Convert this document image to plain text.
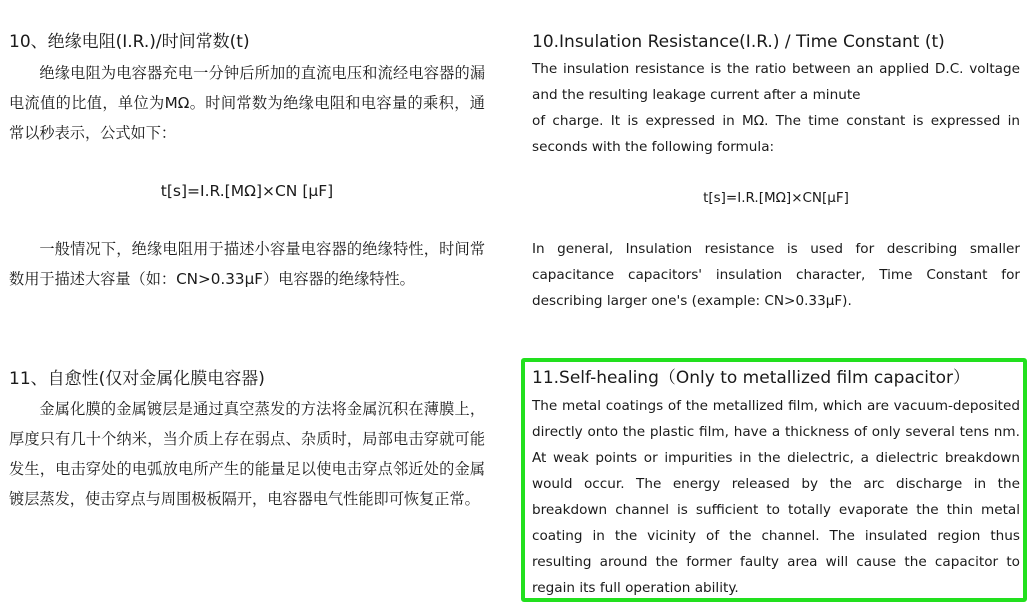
10、绝缘电阻(I.R.)/时间常数(t)

绝缘电阻为电容器充电一分钟后所加的直流电压和流经电容器的漏电流值的比值，单位为MΩ。时间常数为绝缘电阻和电容量的乘积，通常以秒表示，公式如下：

t[s]=I.R.[MΩ]×CN [μF]

一般情况下，绝缘电阻用于描述小容量电容器的绝缘特性，时间常数用于描述大容量（如：CN>0.33μF）电容器的绝缘特性。

11、自愈性(仅对金属化膜电容器)

金属化膜的金属镀层是通过真空蒸发的方法将金属沉积在薄膜上，厚度只有几十个纳米，当介质上存在弱点、杂质时，局部电击穿就可能发生，电击穿处的电弧放电所产生的能量足以使电击穿点邻近处的金属镀层蒸发，使击穿点与周围极板隔开，电容器电气性能即可恢复正常。

10.Insulation Resistance(I.R.) / Time Constant (t)

The insulation resistance is the ratio between an applied D.C. voltage and the resulting leakage current after a minute

of charge. It is expressed in MΩ. The time constant is expressed in seconds with the following formula:

t[s]=I.R.[MΩ]×CN[μF]

In general, Insulation resistance is used for describing smaller capacitance capacitors' insulation character, Time Constant for describing larger one's (example: CN>0.33μF).

11.Self-healing（Only to metallized film capacitor）

The metal coatings of the metallized film, which are vacuum-deposited directly onto the plastic film, have a thickness of only several tens nm. At weak points or impurities in the dielectric, a dielectric breakdown would occur. The energy released by the arc discharge in the breakdown channel is sufficient to totally evaporate the thin metal coating in the vicinity of the channel. The insulated region thus resulting around the former faulty area will cause the capacitor to regain its full operation ability.
